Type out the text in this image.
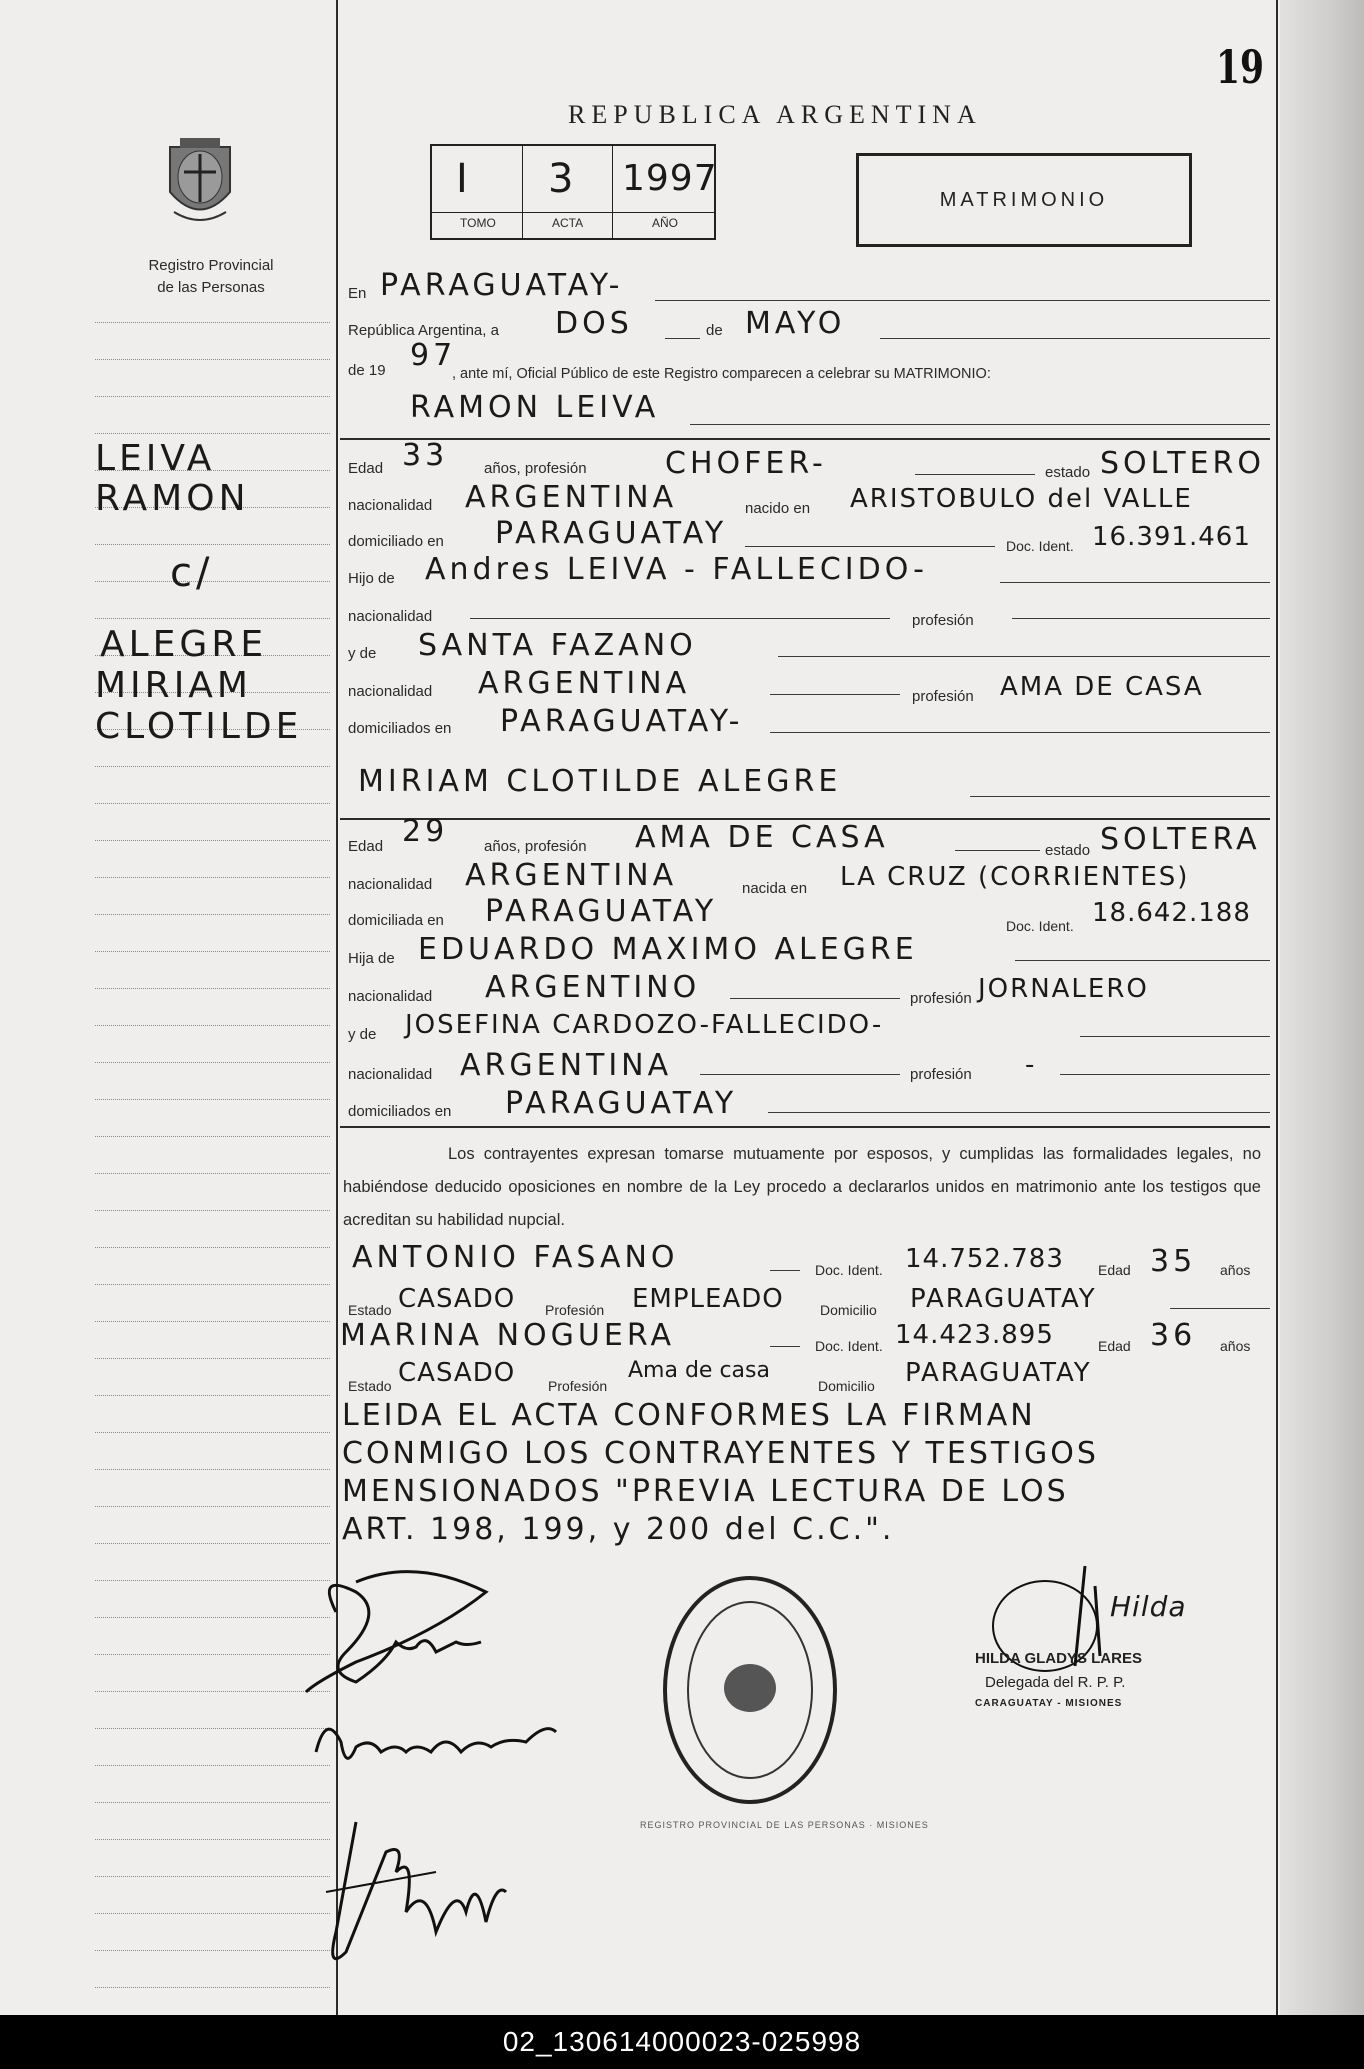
19
REPUBLICA ARGENTINA
Registro Provincial
de las Personas
I 3 1997
TOMO	ACTA	AÑO
MATRIMONIO
LEIVA
RAMON
c/
ALEGRE
MIRIAM
CLOTILDE
En PARAGUATAY-
República Argentina, a DOS	de MAYO
de 19 97
, ante mí, Oficial Público de este Registro comparecen a celebrar su MATRIMONIO:
RAMON LEIVA
Edad 33 años, profesión	CHOFER-	estado SOLTERO
nacionalidad ARGENTINA	nacido en ARISTOBULO del VALLE
domiciliado en PARAGUATAY	Doc. Ident. 16.391.461
Hijo de Andres LEIVA - FALLECIDO-
nacionalidad	profesión
y de SANTA FAZANO
nacionalidad ARGENTINA	profesión AMA DE CASA
domiciliados en PARAGUATAY-
MIRIAM CLOTILDE ALEGRE
Edad 29 años, profesión AMA DE CASA	estado SOLTERA
nacionalidad ARGENTINA	nacida en LA CRUZ (CORRIENTES)
domiciliada en PARAGUATAY	Doc. Ident. 18.642.188
Hija de EDUARDO MAXIMO ALEGRE
nacionalidad ARGENTINO	profesión JORNALERO
y de JOSEFINA CARDOZO-FALLECIDO-
nacionalidad ARGENTINA	profesión -
domiciliados en PARAGUATAY
Los contrayentes expresan tomarse mutuamente por esposos, y cumplidas las formalidades legales, no habiéndose deducido oposiciones en nombre de la Ley procedo a declararlos unidos en matrimonio ante los testigos que acreditan su habilidad nupcial.
ANTONIO FASANO	Doc. Ident. 14.752.783 Edad 35 años
Estado CASADO Profesión EMPLEADO	Domicilio PARAGUATAY
MARINA NOGUERA	Doc. Ident. 14.423.895	Edad 36 años
Estado CASADO Profesión
Ama de casa
Domicilio PARAGUATAY
LEIDA EL ACTA CONFORMES LA FIRMAN
CONMIGO LOS CONTRAYENTES Y TESTIGOS
MENSIONADOS "PREVIA LECTURA DE LOS
ART. 198, 199, y 200 del C.C.".
REGISTRO PROVINCIAL DE LAS PERSONAS · MISIONES
Hilda
HILDA GLADYS LARES
Delegada del R. P. P.
CARAGUATAY - MISIONES
02_130614000023-025998
